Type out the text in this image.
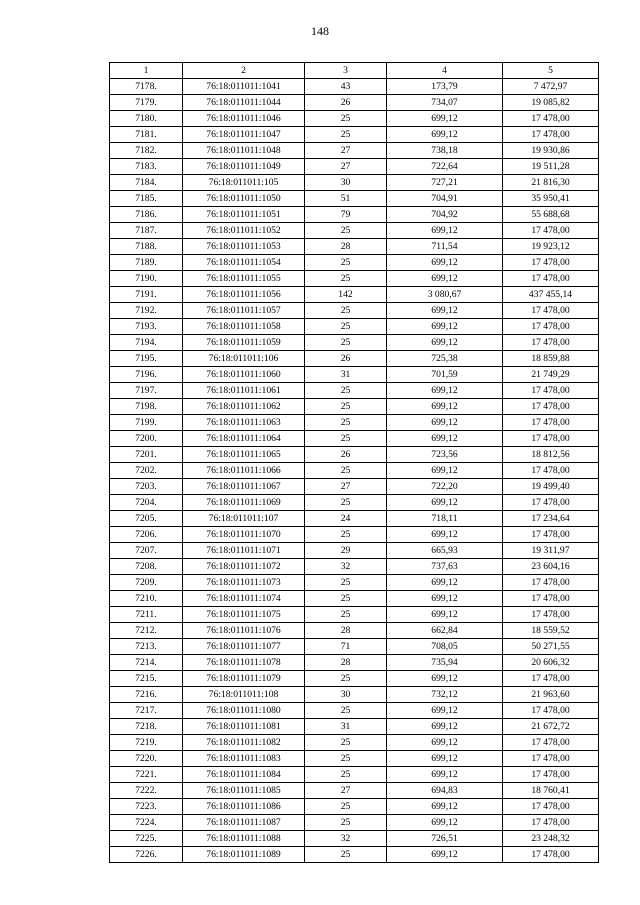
148
1	2	3	4	5
7178.	76:18:011011:1041	43	173,79	7 472,97
7179.	76:18:011011:1044	26	734,07	19 085,82
7180.	76:18:011011:1046	25	699,12	17 478,00
7181.	76:18:011011:1047	25	699,12	17 478,00
7182.	76:18:011011:1048	27	738,18	19 930,86
7183.	76:18:011011:1049	27	722,64	19 511,28
7184.	76:18:011011:105	30	727,21	21 816,30
7185.	76:18:011011:1050	51	704,91	35 950,41
7186.	76:18:011011:1051	79	704,92	55 688,68
7187.	76:18:011011:1052	25	699,12	17 478,00
7188.	76:18:011011:1053	28	711,54	19 923,12
7189.	76:18:011011:1054	25	699,12	17 478,00
7190.	76:18:011011:1055	25	699,12	17 478,00
7191.	76:18:011011:1056	142	3 080,67	437 455,14
7192.	76:18:011011:1057	25	699,12	17 478,00
7193.	76:18:011011:1058	25	699,12	17 478,00
7194.	76:18:011011:1059	25	699,12	17 478,00
7195.	76:18:011011:106	26	725,38	18 859,88
7196.	76:18:011011:1060	31	701,59	21 749,29
7197.	76:18:011011:1061	25	699,12	17 478,00
7198.	76:18:011011:1062	25	699,12	17 478,00
7199.	76:18:011011:1063	25	699,12	17 478,00
7200.	76:18:011011:1064	25	699,12	17 478,00
7201.	76:18:011011:1065	26	723,56	18 812,56
7202.	76:18:011011:1066	25	699,12	17 478,00
7203.	76:18:011011:1067	27	722,20	19 499,40
7204.	76:18:011011:1069	25	699,12	17 478,00
7205.	76:18:011011:107	24	718,11	17 234,64
7206.	76:18:011011:1070	25	699,12	17 478,00
7207.	76:18:011011:1071	29	665,93	19 311,97
7208.	76:18:011011:1072	32	737,63	23 604,16
7209.	76:18:011011:1073	25	699,12	17 478,00
7210.	76:18:011011:1074	25	699,12	17 478,00
7211.	76:18:011011:1075	25	699,12	17 478,00
7212.	76:18:011011:1076	28	662,84	18 559,52
7213.	76:18:011011:1077	71	708,05	50 271,55
7214.	76:18:011011:1078	28	735,94	20 606,32
7215.	76:18:011011:1079	25	699,12	17 478,00
7216.	76:18:011011:108	30	732,12	21 963,60
7217.	76:18:011011:1080	25	699,12	17 478,00
7218.	76:18:011011:1081	31	699,12	21 672,72
7219.	76:18:011011:1082	25	699,12	17 478,00
7220.	76:18:011011:1083	25	699,12	17 478,00
7221.	76:18:011011:1084	25	699,12	17 478,00
7222.	76:18:011011:1085	27	694,83	18 760,41
7223.	76:18:011011:1086	25	699,12	17 478,00
7224.	76:18:011011:1087	25	699,12	17 478,00
7225.	76:18:011011:1088	32	726,51	23 248,32
7226.	76:18:011011:1089	25	699,12	17 478,00
